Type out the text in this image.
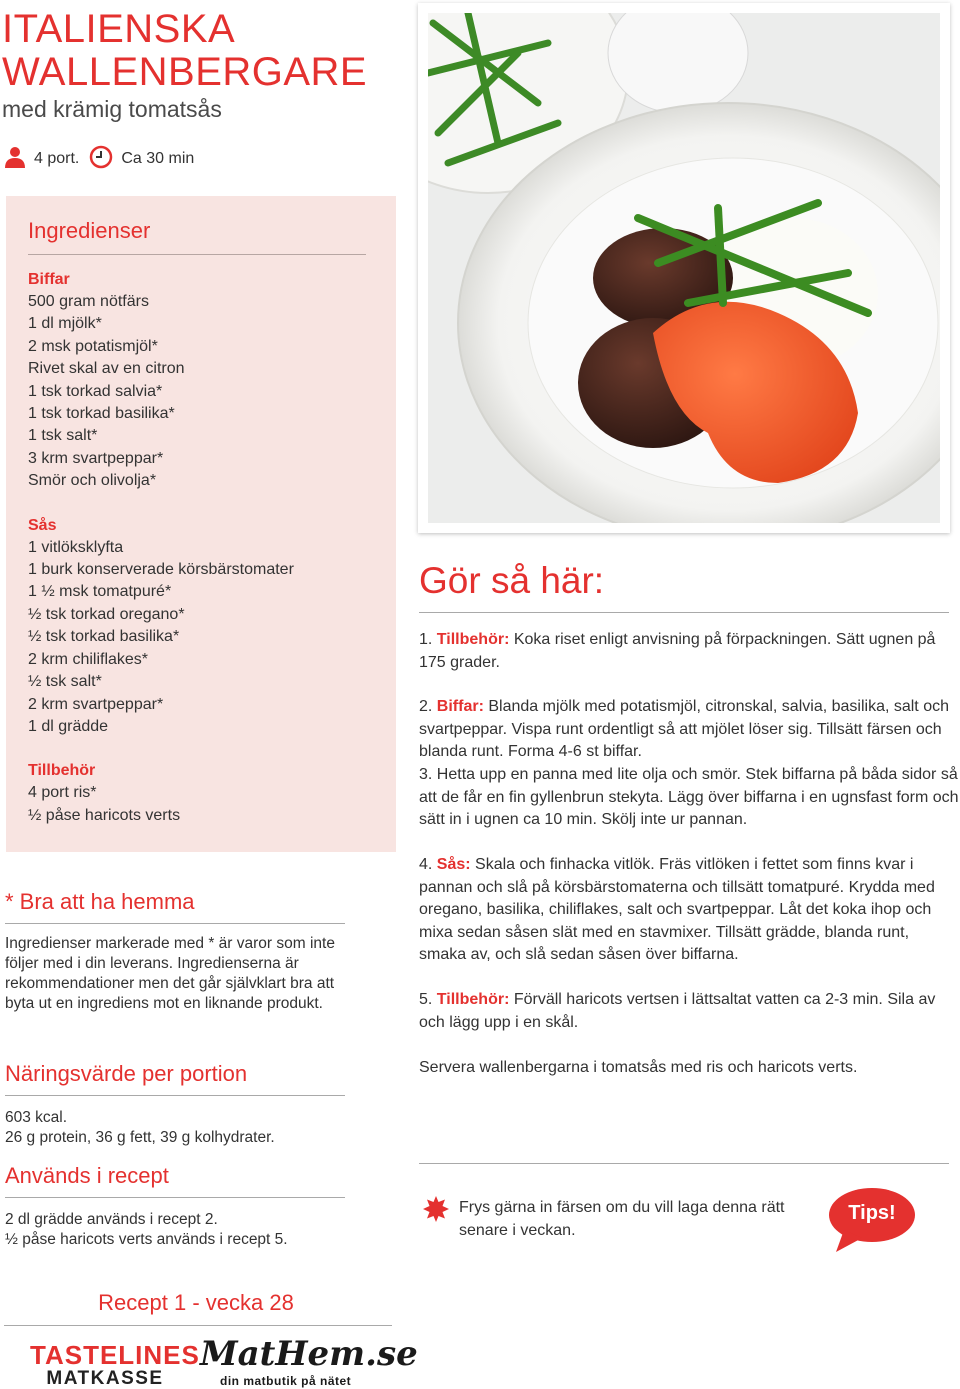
ITALIENSKA
WALLENBERGARE
med krämig tomatsås
4 port.	Ca 30 min
Ingredienser
Biffar
500 gram nötfärs
1 dl mjölk*
2 msk potatismjöl*
Rivet skal av en citron
1 tsk torkad salvia*
1 tsk torkad basilika*
1 tsk salt*
3 krm svartpeppar*
Smör och olivolja*
Sås
1 vitlöksklyfta
1 burk konserverade körsbärstomater
1 ½ msk tomatpuré*
½ tsk torkad oregano*
½ tsk torkad basilika*
2 krm chiliflakes*
½ tsk salt*
2 krm svartpeppar*
1 dl grädde
Tillbehör
4 port ris*
½ påse haricots verts
* Bra att ha hemma
Ingredienser markerade med * är varor som inte följer med i din leverans. Ingredienserna är rekommendationer men det går självklart bra att byta ut en ingrediens mot en liknande produkt.
Näringsvärde per portion
603 kcal.
26 g protein, 36 g fett, 39 g kolhydrater.
Används i recept
2 dl grädde används i recept 2.
½ påse haricots verts används i recept 5.
Gör så här:
1. Tillbehör: Koka riset enligt anvisning på förpackningen. Sätt ugnen på 175 grader.
2. Biffar: Blanda mjölk med potatismjöl, citronskal, salvia, basilika, salt och svartpeppar. Vispa runt ordentligt så att mjölet löser sig. Tillsätt färsen och blanda runt. Forma 4-6 st biffar.
3. Hetta upp en panna med lite olja och smör. Stek biffarna på båda sidor så att de får en fin gyllenbrun stekyta. Lägg över biffarna i en ugnsfast form och sätt in i ugnen ca 10 min. Skölj inte ur pannan.
4. Sås: Skala och finhacka vitlök. Fräs vitlöken i fettet som finns kvar i pannan och slå på körsbärstomaterna och tillsätt tomatpuré. Krydda med oregano, basilika, chiliflakes, salt och svartpeppar. Låt det koka ihop och mixa sedan såsen slät med en stavmixer. Tillsätt grädde, blanda runt, smaka av, och slå sedan såsen över biffarna.
5. Tillbehör: Förväll haricots vertsen i lättsaltat vatten ca 2-3 min. Sila av och lägg upp i en skål.
Servera wallenbergarna i tomatsås med ris och haricots verts.
Frys gärna in färsen om du vill laga denna rätt senare i veckan.
Tips!
Recept 1 - vecka 28
TASTELINES
MATKASSE
MatHem.se
din matbutik på nätet
